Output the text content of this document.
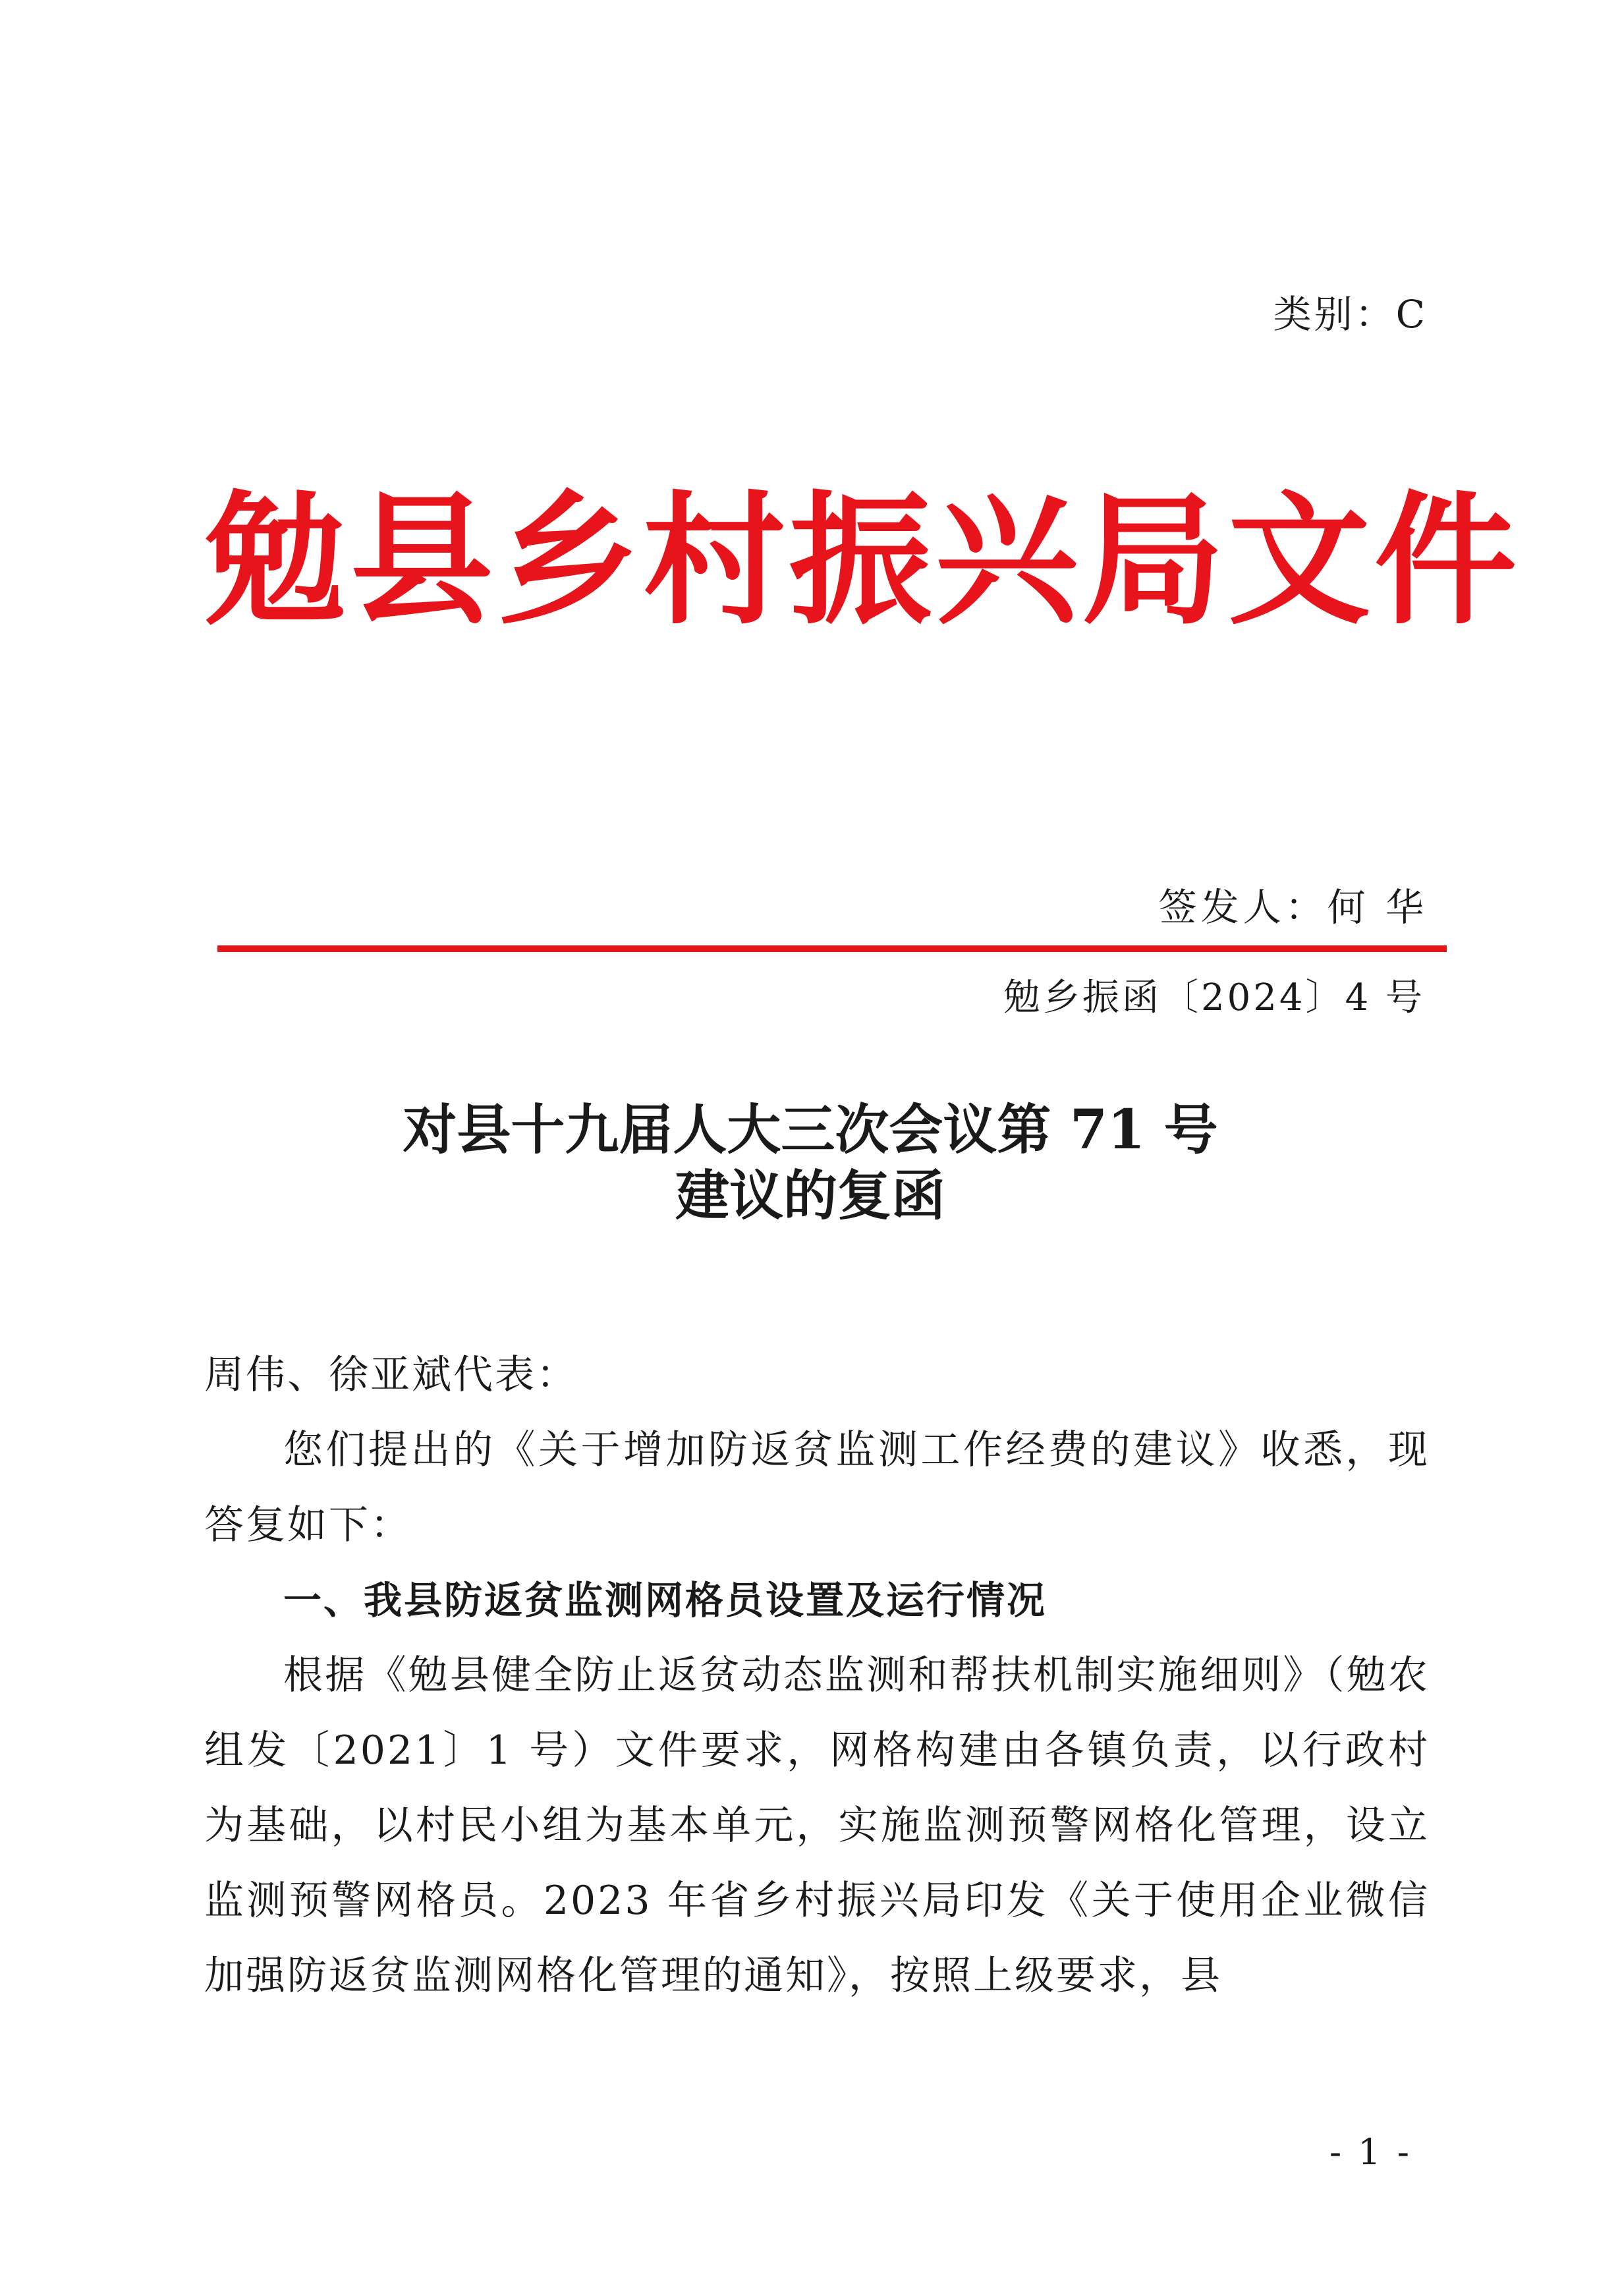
类别：C
勉县乡村振兴局文件
签发人：何 华
勉乡振函〔2024〕4 号
对县十九届人大三次会议第 71 号
建议的复函

周伟、徐亚斌代表：

您们提出的《关于增加防返贫监测工作经费的建议》收悉，现答复如下：

一、我县防返贫监测网格员设置及运行情况

根据《勉县健全防止返贫动态监测和帮扶机制实施细则》（勉农组发〔2021〕1 号）文件要求，网格构建由各镇负责，以行政村为基础，以村民小组为基本单元，实施监测预警网格化管理，设立监测预警网格员。2023 年省乡村振兴局印发《关于使用企业微信加强防返贫监测网格化管理的通知》，按照上级要求，县

- 1 -
